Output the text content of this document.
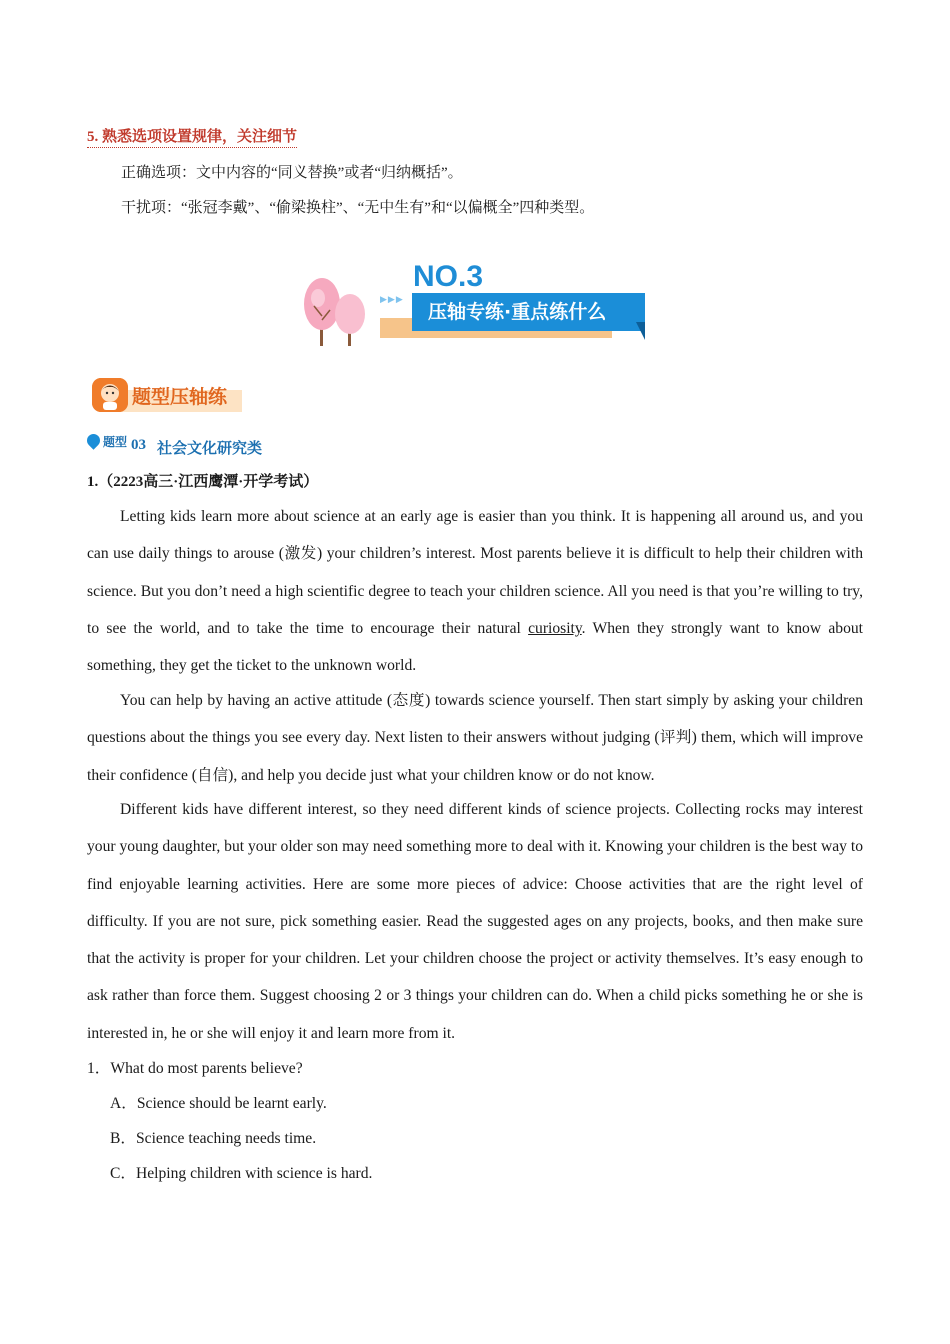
5. 熟悉选项设置规律，关注细节
正确选项：文中内容的“同义替换”或者“归纳概括”。
干扰项：“张冠李戴”、“偷梁换柱”、“无中生有”和“以偏概全”四种类型。
NO.3
▶▶▶
压轴专练·重点练什么
题型压轴练
题型 03 社会文化研究类
1.（2223高三·江西鹰潭·开学考试）

Letting kids learn more about science at an early age is easier than you think. It is happening all around us, and you can use daily things to arouse (激发) your children’s interest. Most parents believe it is difficult to help their children with science. But you don’t need a high scientific degree to teach your children science. All you need is that you’re willing to try, to see the world, and to take the time to encourage their natural curiosity. When they strongly want to know about something, they get the ticket to the unknown world.

You can help by having an active attitude (态度) towards science yourself. Then start simply by asking your children questions about the things you see every day. Next listen to their answers without judging (评判) them, which will improve their confidence (自信), and help you decide just what your children know or do not know.

Different kids have different interest, so they need different kinds of science projects. Collecting rocks may interest your young daughter, but your older son may need something more to deal with it. Knowing your children is the best way to find enjoyable learning activities. Here are some more pieces of advice: Choose activities that are the right level of difficulty. If you are not sure, pick something easier. Read the suggested ages on any projects, books, and then make sure that the activity is proper for your children. Let your children choose the project or activity themselves. It’s easy enough to ask rather than force them. Suggest choosing 2 or 3 things your children can do. When a child picks something he or she is interested in, he or she will enjoy it and learn more from it.

1．What do most parents believe?
A．Science should be learnt early.
B．Science teaching needs time.
C．Helping children with science is hard.
